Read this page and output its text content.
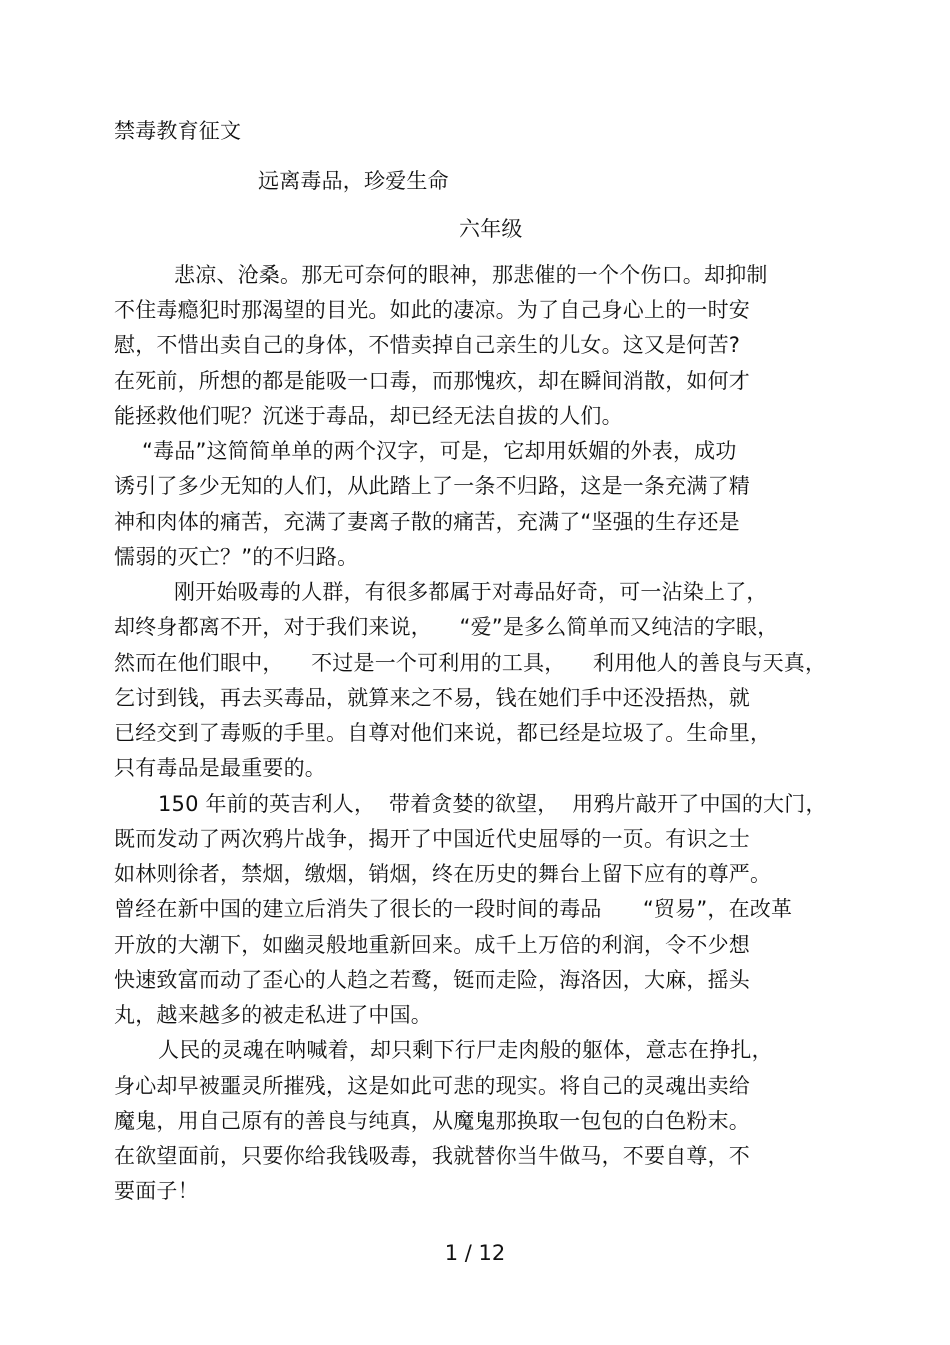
禁毒教育征文
远离毒品，珍爱生命
六年级
悲凉、沧桑。那无可奈何的眼神，那悲催的一个个伤口。却抑制
不住毒瘾犯时那渴望的目光。如此的凄凉。为了自己身心上的一时安
慰，不惜出卖自己的身体，不惜卖掉自己亲生的儿女。这又是何苦?
在死前，所想的都是能吸一口毒，而那愧疚，却在瞬间消散，如何才
能拯救他们呢？沉迷于毒品，却已经无法自拔的人们。
“毒品”这简简单单的两个汉字，可是，它却用妖媚的外表，成功
诱引了多少无知的人们，从此踏上了一条不归路，这是一条充满了精
神和肉体的痛苦，充满了妻离子散的痛苦，充满了“坚强的生存还是
懦弱的灭亡？”的不归路。
刚开始吸毒的人群，有很多都属于对毒品好奇，可一沾染上了，
却终身都离不开，对于我们来说，    “爱”是多么简单而又纯洁的字眼，
然而在他们眼中，    不过是一个可利用的工具，    利用他人的善良与天真，
乞讨到钱，再去买毒品，就算来之不易，钱在她们手中还没捂热，就
已经交到了毒贩的手里。自尊对他们来说，都已经是垃圾了。生命里，
只有毒品是最重要的。
150 年前的英吉利人，  带着贪婪的欲望，  用鸦片敲开了中国的大门，
既而发动了两次鸦片战争，揭开了中国近代史屈辱的一页。有识之士
如林则徐者，禁烟，缴烟，销烟，终在历史的舞台上留下应有的尊严。
曾经在新中国的建立后消失了很长的一段时间的毒品      “贸易”，在改革
开放的大潮下，如幽灵般地重新回来。成千上万倍的利润，令不少想
快速致富而动了歪心的人趋之若鹜，铤而走险，海洛因，大麻，摇头
丸，越来越多的被走私进了中国。
人民的灵魂在呐喊着，却只剩下行尸走肉般的躯体，意志在挣扎，
身心却早被噩灵所摧残，这是如此可悲的现实。将自己的灵魂出卖给
魔鬼，用自己原有的善良与纯真，从魔鬼那换取一包包的白色粉末。
在欲望面前，只要你给我钱吸毒，我就替你当牛做马，不要自尊，不
要面子！
1 / 12
